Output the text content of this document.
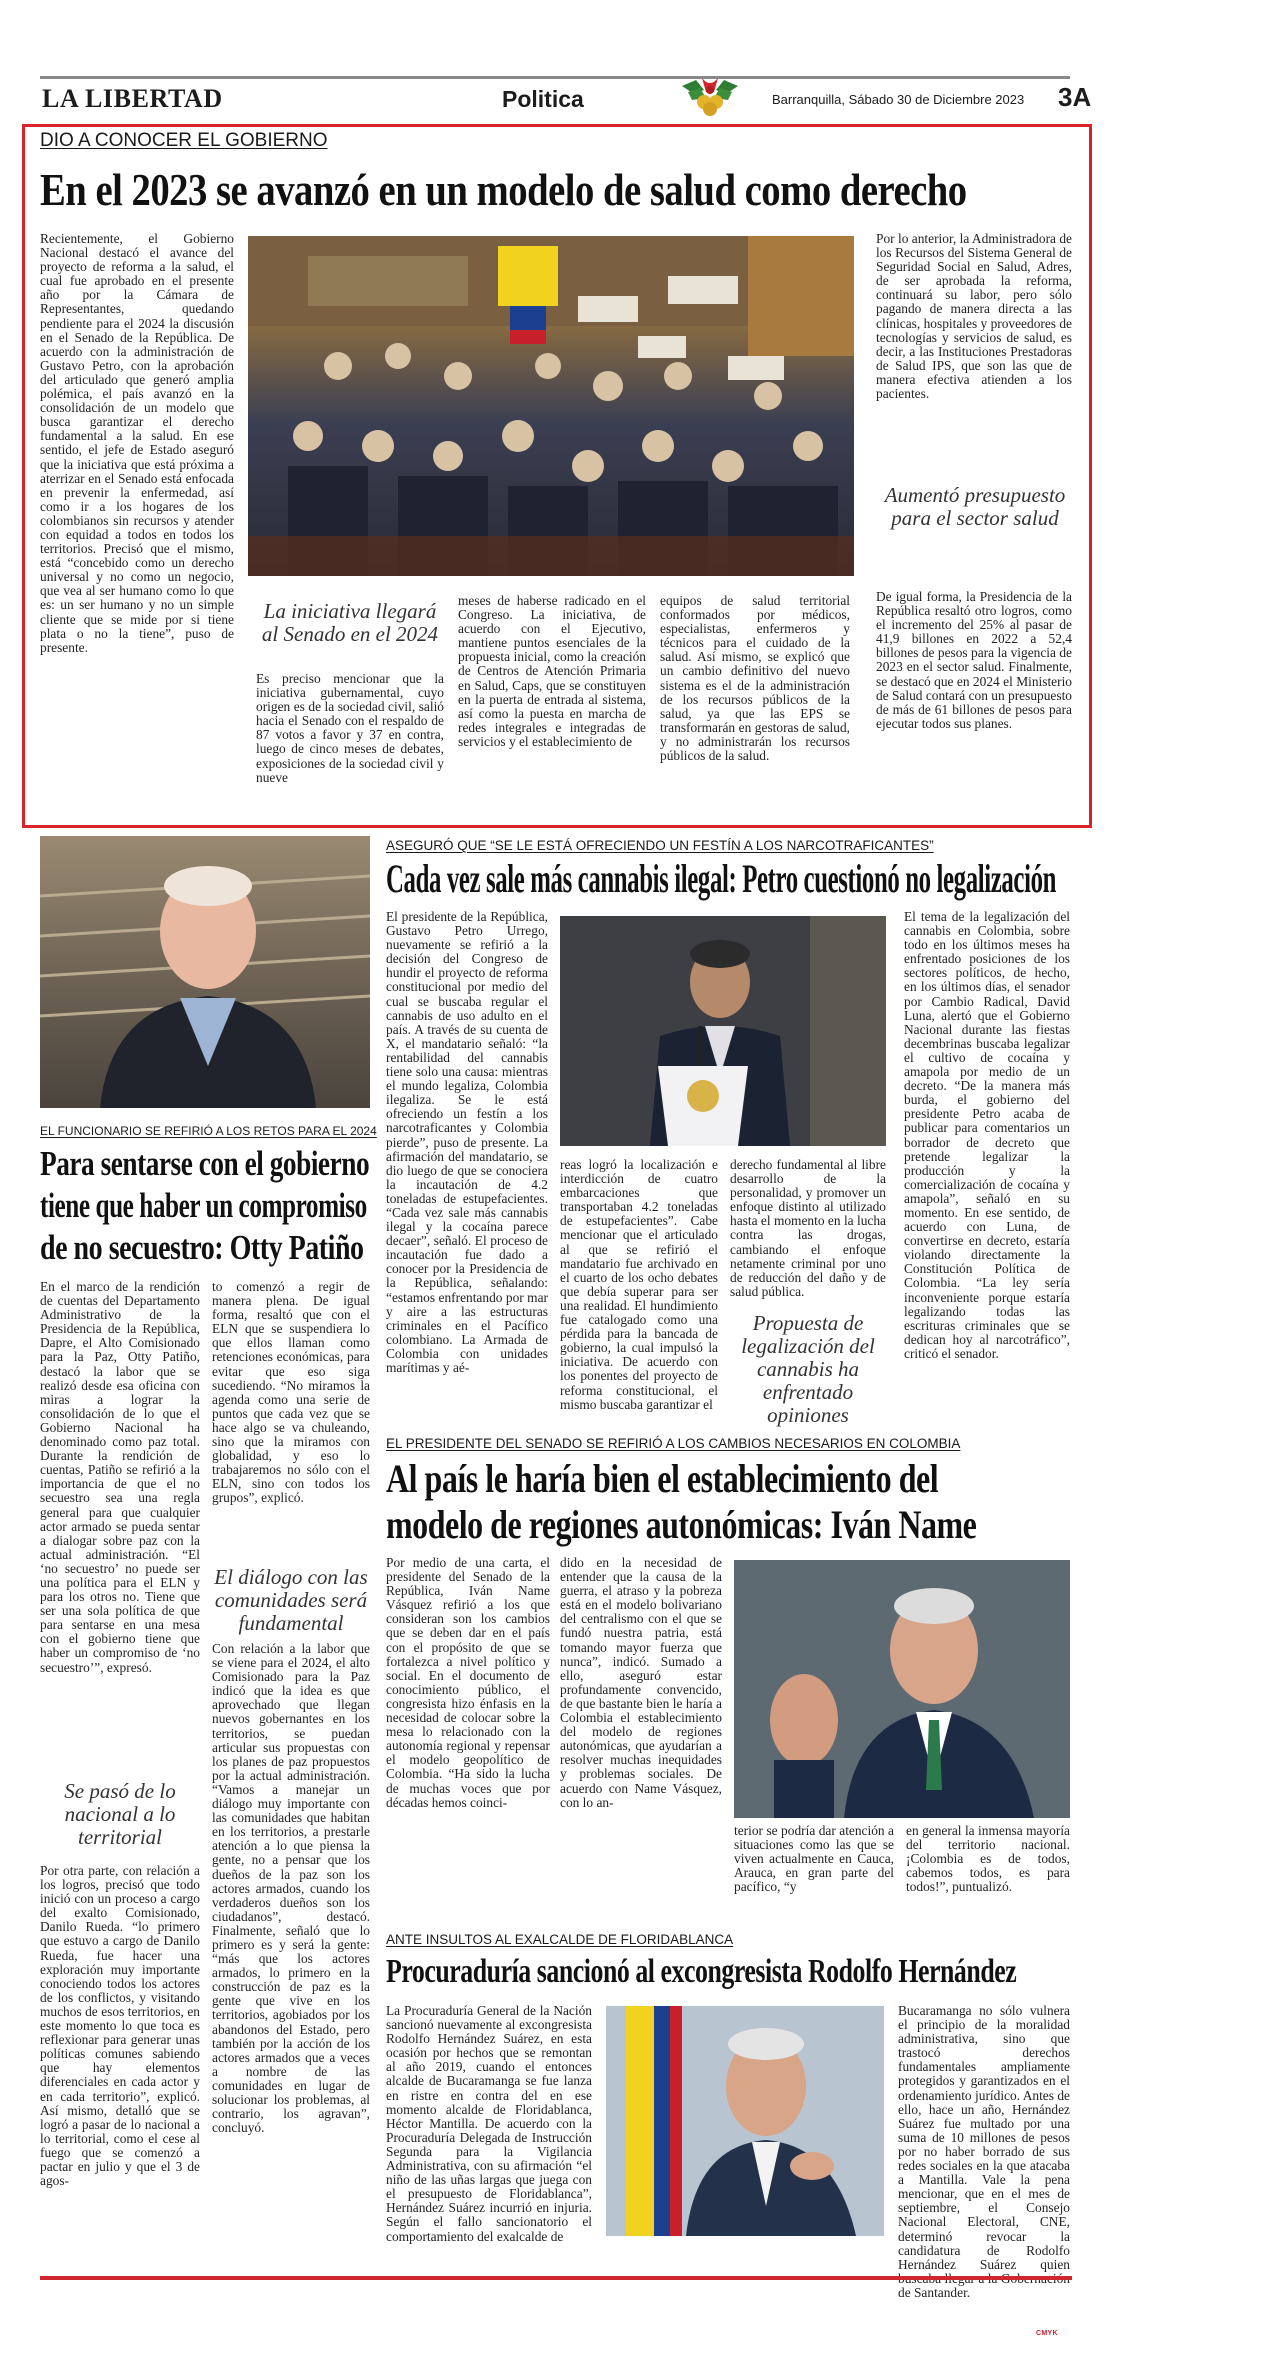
LA LIBERTAD	Politica	Barranquilla, Sábado 30 de Diciembre 2023 3A
DIO A CONOCER EL GOBIERNO
En el 2023 se avanzó en un modelo de salud como derecho
Recientemente, el Gobierno Nacional destacó el avance del proyecto de reforma a la salud, el cual fue aprobado en el presente año por la Cámara de Representantes, quedando pendiente para el 2024 la discusión en el Senado de la República. De acuerdo con la administración de Gustavo Petro, con la aprobación del articulado que generó amplia polémica, el país avanzó en la consolidación de un modelo que busca garantizar el derecho fundamental a la salud. En ese sentido, el jefe de Estado aseguró que la iniciativa que está próxima a aterrizar en el Senado está enfocada en prevenir la enfermedad, así como ir a los hogares de los colombianos sin recursos y atender con equidad a todos en todos los territorios. Precisó que el mismo, está “concebido como un derecho universal y no como un negocio, que vea al ser humano como lo que es: un ser humano y no un simple cliente que se mide por si tiene plata o no la tiene”, puso de presente.
La iniciativa llegará al Senado en el 2024
Es preciso mencionar que la iniciativa gubernamental, cuyo origen es de la sociedad civil, salió hacia el Senado con el respaldo de 87 votos a favor y 37 en contra, luego de cinco meses de debates, exposiciones de la sociedad civil y nueve
meses de haberse radicado en el Congreso. La iniciativa, de acuerdo con el Ejecutivo, mantiene puntos esenciales de la propuesta inicial, como la creación de Centros de Atención Primaria en Salud, Caps, que se constituyen en la puerta de entrada al sistema, así como la puesta en marcha de redes integrales e integradas de servicios y el establecimiento de
equipos de salud territorial conformados por médicos, especialistas, enfermeros y técnicos para el cuidado de la salud. Así mismo, se explicó que un cambio definitivo del nuevo sistema es el de la administración de los recursos públicos de la salud, ya que las EPS se transformarán en gestoras de salud, y no administrarán los recursos públicos de la salud.
Por lo anterior, la Administradora de los Recursos del Sistema General de Seguridad Social en Salud, Adres, de ser aprobada la reforma, continuará su labor, pero sólo pagando de manera directa a las clínicas, hospitales y proveedores de tecnologías y servicios de salud, es decir, a las Instituciones Prestadoras de Salud IPS, que son las que de manera efectiva atienden a los pacientes.
Aumentó presupuesto para el sector salud
De igual forma, la Presidencia de la República resaltó otro logros, como el incremento del 25% al pasar de 41,9 billones en 2022 a 52,4 billones de pesos para la vigencia de 2023 en el sector salud. Finalmente, se destacó que en 2024 el Ministerio de Salud contará con un presupuesto de más de 61 billones de pesos para ejecutar todos sus planes.
EL FUNCIONARIO SE REFIRIÓ A LOS RETOS PARA EL 2024
Para sentarse con el gobierno
tiene que haber un compromiso
de no secuestro: Otty Patiño
En el marco de la rendición de cuentas del Departamento Administrativo de la Presidencia de la República, Dapre, el Alto Comisionado para la Paz, Otty Patiño, destacó la labor que se realizó desde esa oficina con miras a lograr la consolidación de lo que el Gobierno Nacional ha denominado como paz total. Durante la rendición de cuentas, Patiño se refirió a la importancia de que el no secuestro sea una regla general para que cualquier actor armado se pueda sentar a dialogar sobre paz con la actual administración. “El ‘no secuestro’ no puede ser una política para el ELN y para los otros no. Tiene que ser una sola política de que para sentarse en una mesa con el gobierno tiene que haber un compromiso de ‘no secuestro’”, expresó.
Se pasó de lo nacional a lo territorial
Por otra parte, con relación a los logros, precisó que todo inició con un proceso a cargo del exalto Comisionado, Danilo Rueda. “lo primero que estuvo a cargo de Danilo Rueda, fue hacer una exploración muy importante conociendo todos los actores de los conflictos, y visitando muchos de esos territorios, en este momento lo que toca es reflexionar para generar unas políticas comunes sabiendo que hay elementos diferenciales en cada actor y en cada territorio”, explicó. Así mismo, detalló que se logró a pasar de lo nacional a lo territorial, como el cese al fuego que se comenzó a pactar en julio y que el 3 de agos-
to comenzó a regir de manera plena. De igual forma, resaltó que con el ELN que se suspendiera lo que ellos llaman como retenciones económicas, para evitar que eso siga sucediendo. “No miramos la agenda como una serie de puntos que cada vez que se hace algo se va chuleando, sino que la miramos con globalidad, y eso lo trabajaremos no sólo con el ELN, sino con todos los grupos”, explicó.
El diálogo con las comunidades será fundamental
Con relación a la labor que se viene para el 2024, el alto Comisionado para la Paz indicó que la idea es que aprovechado que llegan nuevos gobernantes en los territorios, se puedan articular sus propuestas con los planes de paz propuestos por la actual administración. “Vamos a manejar un diálogo muy importante con las comunidades que habitan en los territorios, a prestarle atención a lo que piensa la gente, no a pensar que los dueños de la paz son los actores armados, cuando los verdaderos dueños son los ciudadanos”, destacó. Finalmente, señaló que lo primero es y será la gente: “más que los actores armados, lo primero en la construcción de paz es la gente que vive en los territorios, agobiados por los abandonos del Estado, pero también por la acción de los actores armados que a veces a nombre de las comunidades en lugar de solucionar los problemas, al contrario, los agravan”, concluyó.
ASEGURÓ QUE “SE LE ESTÁ OFRECIENDO UN FESTÍN A LOS NARCOTRAFICANTES”
Cada vez sale más cannabis ilegal: Petro cuestionó no legalización
El presidente de la República, Gustavo Petro Urrego, nuevamente se refirió a la decisión del Congreso de hundir el proyecto de reforma constitucional por medio del cual se buscaba regular el cannabis de uso adulto en el país. A través de su cuenta de X, el mandatario señaló: “la rentabilidad del cannabis tiene solo una causa: mientras el mundo legaliza, Colombia ilegaliza. Se le está ofreciendo un festín a los narcotraficantes y Colombia pierde”, puso de presente. La afirmación del mandatario, se dio luego de que se conociera la incautación de 4.2 toneladas de estupefacientes. “Cada vez sale más cannabis ilegal y la cocaína parece decaer”, señaló. El proceso de incautación fue dado a conocer por la Presidencia de la República, señalando: “estamos enfrentando por mar y aire a las estructuras criminales en el Pacífico colombiano. La Armada de Colombia con unidades marítimas y aé-
reas logró la localización e interdicción de cuatro embarcaciones que transportaban 4.2 toneladas de estupefacientes”. Cabe mencionar que el articulado al que se refirió el mandatario fue archivado en el cuarto de los ocho debates que debía superar para ser una realidad. El hundimiento fue catalogado como una pérdida para la bancada de gobierno, la cual impulsó la iniciativa. De acuerdo con los ponentes del proyecto de reforma constitucional, el mismo buscaba garantizar el
derecho fundamental al libre desarrollo de la personalidad, y promover un enfoque distinto al utilizado hasta el momento en la lucha contra las drogas, cambiando el enfoque netamente criminal por uno de reducción del daño y de salud pública.
Propuesta de legalización del cannabis ha enfrentado opiniones
El tema de la legalización del cannabis en Colombia, sobre todo en los últimos meses ha enfrentado posiciones de los sectores políticos, de hecho, en los últimos días, el senador por Cambio Radical, David Luna, alertó que el Gobierno Nacional durante las fiestas decembrinas buscaba legalizar el cultivo de cocaína y amapola por medio de un decreto. “De la manera más burda, el gobierno del presidente Petro acaba de publicar para comentarios un borrador de decreto que pretende legalizar la producción y la comercialización de cocaína y amapola”, señaló en su momento. En ese sentido, de acuerdo con Luna, de convertirse en decreto, estaría violando directamente la Constitución Política de Colombia. “La ley sería inconveniente porque estaría legalizando todas las escrituras criminales que se dedican hoy al narcotráfico”, criticó el senador.
EL PRESIDENTE DEL SENADO SE REFIRIÓ A LOS CAMBIOS NECESARIOS EN COLOMBIA
Al país le haría bien el establecimiento del
modelo de regiones autonómicas: Iván Name
Por medio de una carta, el presidente del Senado de la República, Iván Name Vásquez refirió a los que consideran son los cambios que se deben dar en el país con el propósito de que se fortalezca a nivel político y social. En el documento de conocimiento público, el congresista hizo énfasis en la necesidad de colocar sobre la mesa lo relacionado con la autonomía regional y repensar el modelo geopolítico de Colombia. “Ha sido la lucha de muchas voces que por décadas hemos coinci-
dido en la necesidad de entender que la causa de la guerra, el atraso y la pobreza está en el modelo bolivariano del centralismo con el que se fundó nuestra patria, está tomando mayor fuerza que nunca”, indicó. Sumado a ello, aseguró estar profundamente convencido, de que bastante bien le haría a Colombia el establecimiento del modelo de regiones autonómicas, que ayudarían a resolver muchas inequidades y problemas sociales. De acuerdo con Name Vásquez, con lo an-
terior se podría dar atención a situaciones como las que se viven actualmente en Cauca, Arauca, en gran parte del pacífico, “y
en general la inmensa mayoría del territorio nacional. ¡Colombia es de todos, cabemos todos, es para todos!”, puntualizó.
ANTE INSULTOS AL EXALCALDE DE FLORIDABLANCA
Procuraduría sancionó al excongresista Rodolfo Hernández
La Procuraduría General de la Nación sancionó nuevamente al excongresista Rodolfo Hernández Suárez, en esta ocasión por hechos que se remontan al año 2019, cuando el entonces alcalde de Bucaramanga se fue lanza en ristre en contra del en ese momento alcalde de Floridablanca, Héctor Mantilla. De acuerdo con la Procuraduría Delegada de Instrucción Segunda para la Vigilancia Administrativa, con su afirmación “el niño de las uñas largas que juega con el presupuesto de Floridablanca”, Hernández Suárez incurrió en injuria. Según el fallo sancionatorio el comportamiento del exalcalde de
Bucaramanga no sólo vulnera el principio de la moralidad administrativa, sino que trastocó derechos fundamentales ampliamente protegidos y garantizados en el ordenamiento jurídico. Antes de ello, hace un año, Hernández Suárez fue multado por una suma de 10 millones de pesos por no haber borrado de sus redes sociales en la que atacaba a Mantilla. Vale la pena mencionar, que en el mes de septiembre, el Consejo Nacional Electoral, CNE, determinó revocar la candidatura de Rodolfo Hernández Suárez quien de Santander.
CMYK
